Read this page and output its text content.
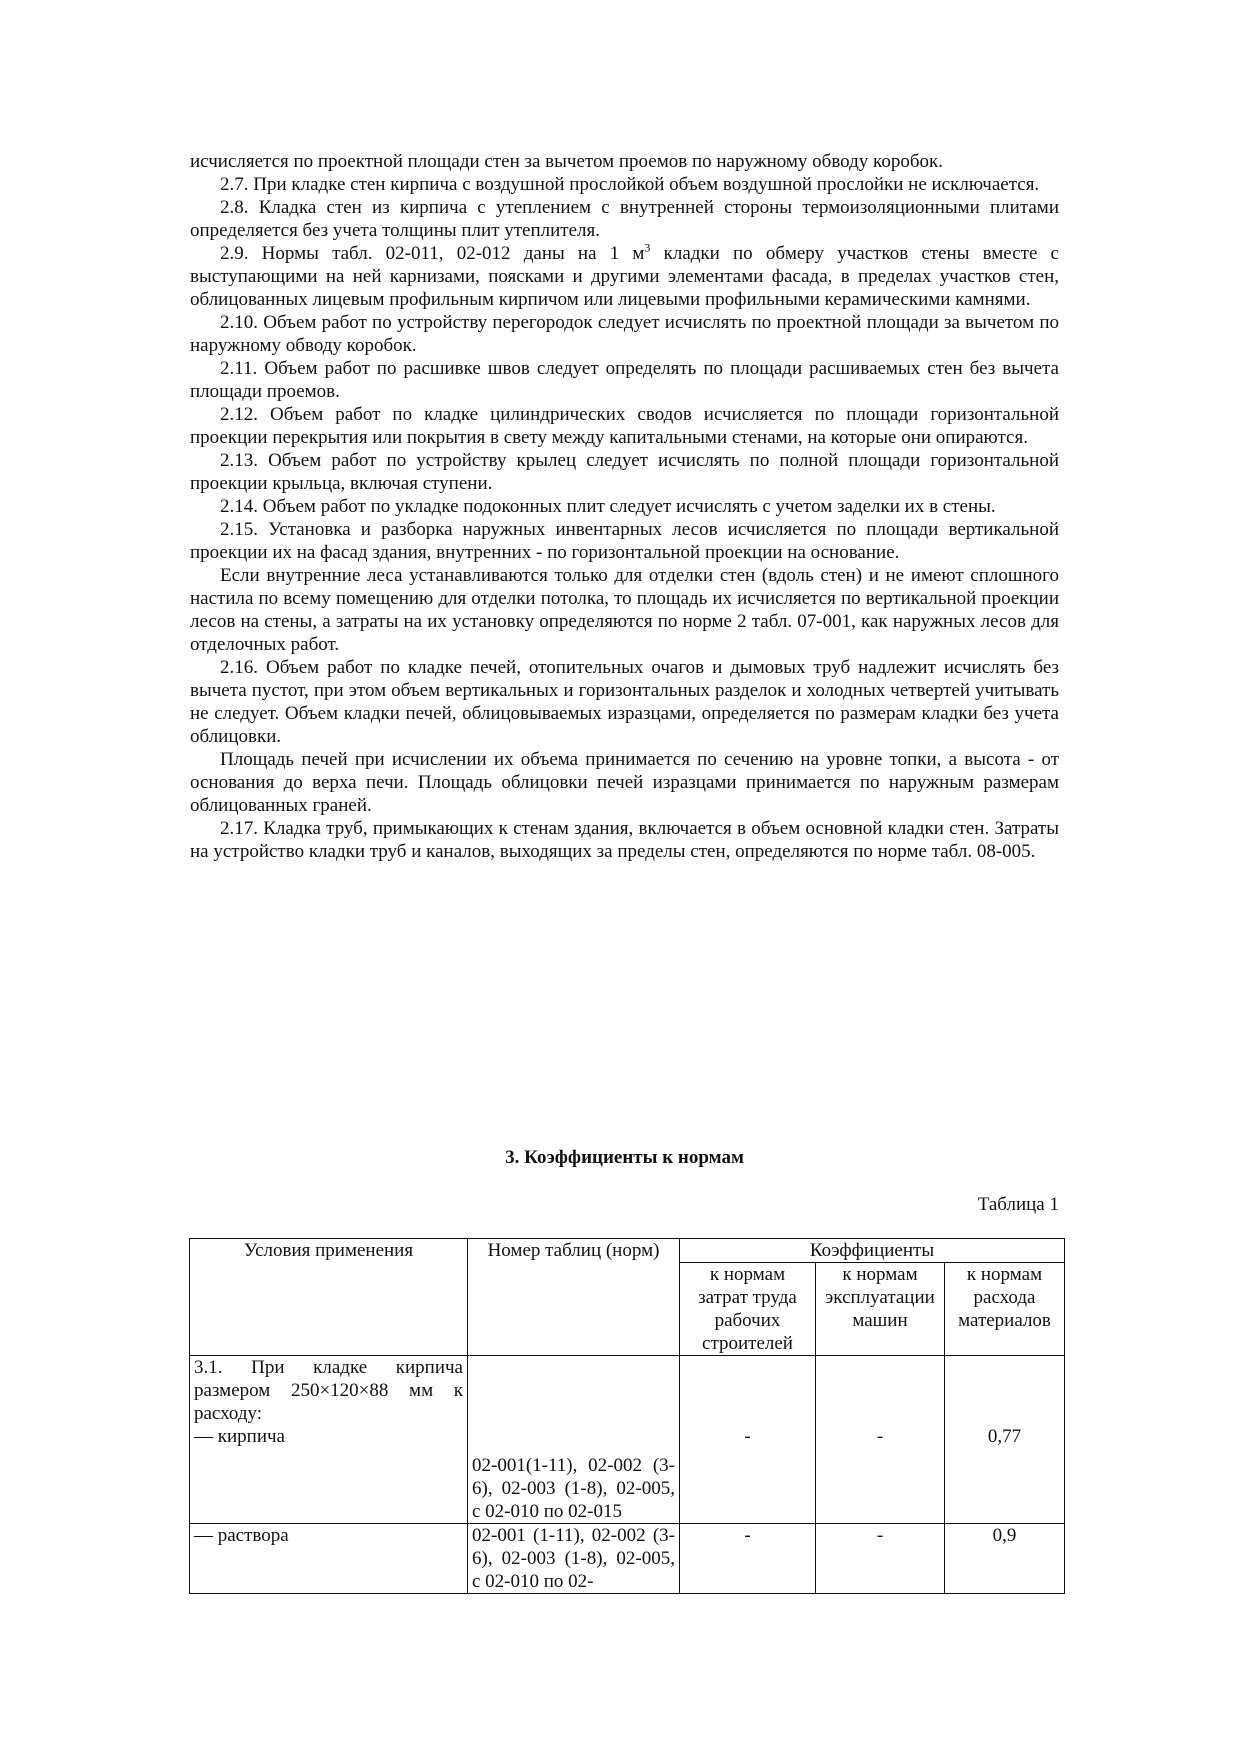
исчисляется по проектной площади стен за вычетом проемов по наружному обводу коробок.

2.7. При кладке стен кирпича с воздушной прослойкой объем воздушной прослойки не исключается.

2.8. Кладка стен из кирпича с утеплением с внутренней стороны термоизоляционными плитами определяется без учета толщины плит утеплителя.

2.9. Нормы табл. 02-011, 02-012 даны на 1 $м^3$ кладки по обмеру участков стены вместе с выступающими на ней карнизами, поясками и другими элементами фасада, в пределах участков стен, облицованных лицевым профильным кирпичом или лицевыми профильными керамическими камнями.

2.10. Объем работ по устройству перегородок следует исчислять по проектной площади за вычетом по наружному обводу коробок.

2.11. Объем работ по расшивке швов следует определять по площади расшиваемых стен без вычета площади проемов.

2.12. Объем работ по кладке цилиндрических сводов исчисляется по площади горизонтальной проекции перекрытия или покрытия в свету между капитальными стенами, на которые они опираются.

2.13. Объем работ по устройству крылец следует исчислять по полной площади горизонтальной проекции крыльца, включая ступени.

2.14. Объем работ по укладке подоконных плит следует исчислять с учетом заделки их в стены.

2.15. Установка и разборка наружных инвентарных лесов исчисляется по площади вертикальной проекции их на фасад здания, внутренних - по горизонтальной проекции на основание.

Если внутренние леса устанавливаются только для отделки стен (вдоль стен) и не имеют сплошного настила по всему помещению для отделки потолка, то площадь их исчисляется по вертикальной проекции лесов на стены, а затраты на их установку определяются по норме 2 табл. 07-001, как наружных лесов для отделочных работ.

2.16. Объем работ по кладке печей, отопительных очагов и дымовых труб надлежит исчислять без вычета пустот, при этом объем вертикальных и горизонтальных разделок и холодных четвертей учитывать не следует. Объем кладки печей, облицовываемых изразцами, определяется по размерам кладки без учета облицовки.

Площадь печей при исчислении их объема принимается по сечению на уровне топки, а высота - от основания до верха печи. Площадь облицовки печей изразцами принимается по наружным размерам облицованных граней.

2.17. Кладка труб, примыкающих к стенам здания, включается в объем основной кладки стен. Затраты на устройство кладки труб и каналов, выходящих за пределы стен, определяются по норме табл. 08-005.

3. Коэффициенты к нормам
Таблица 1
Условия применения	Номер таблиц (норм)	Коэффициенты		
		к нормам затрат труда рабочих строителей	к нормам эксплуатации машин	к нормам расхода материалов

3.1. При кладке кирпича размером 250×120×88 мм к расходу:
— кирпича	02-001(1-11), 02-002 (3-6), 02-003 (1-8), 02-005, с 02-010 по 02-015	-	-	0,77

— раствора	02-001 (1-11), 02-002 (3-6), 02-003 (1-8), 02-005, с 02-010 по 02-	-	-	0,9
